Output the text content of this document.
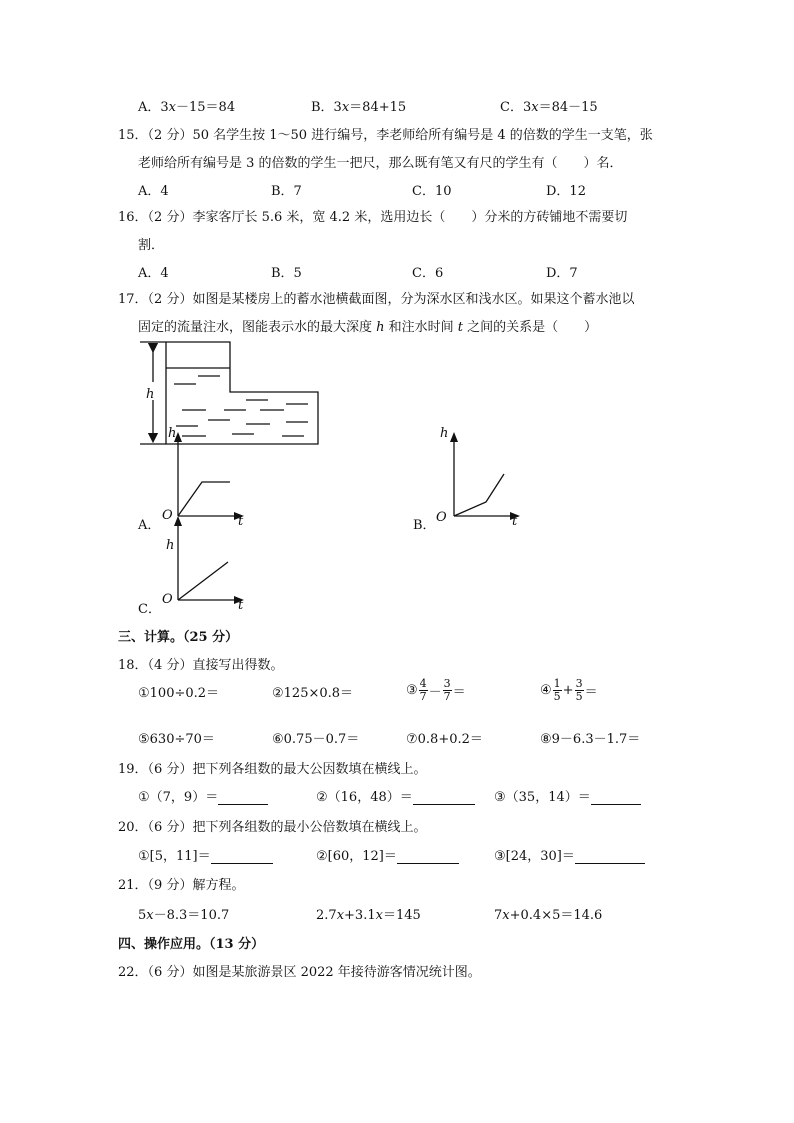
A．3x－15＝84	B．3x＝84+15	C．3x＝84－15
15．（2 分）50 名学生按 1～50 进行编号，李老师给所有编号是 4 的倍数的学生一支笔，张
老师给所有编号是 3 的倍数的学生一把尺，那么既有笔又有尺的学生有（　　）名．
A．4	B．7	C．10	D．12
16．（2 分）李家客厅长 5.6 米，宽 4.2 米，选用边长（　　）分米的方砖铺地不需要切
割．
A．4	B．5	C．6	D．7
17．（2 分）如图是某楼房上的蓄水池横截面图，分为深水区和浅水区。如果这个蓄水池以
固定的流量注水，图能表示水的最大深度 h 和注水时间 t 之间的关系是（　　）
h
A．
h
O	t	B．
h
O	t
C．
h
O	t
三、计算。（25 分）
18．（4 分）直接写出得数。
①100÷0.2＝	②125×0.8＝	③ $\frac{4}{7} - \frac{3}{7}$ ＝	④ $\frac{1}{5} + \frac{3}{5}$ ＝
⑤630÷70＝	⑥0.75－0.7＝	⑦0.8+0.2＝	⑧9－6.3－1.7＝
19．（6 分）把下列各组数的最大公因数填在横线上。
①（7，9）＝	②（16，48）＝	③（35，14）＝
20．（6 分）把下列各组数的最小公倍数填在横线上。
①[5，11]＝	②[60，12]＝	③[24，30]＝
21．（9 分）解方程。
5x－8.3＝10.7	2.7x+3.1x＝145	7x+0.4×5＝14.6
四、操作应用。（13 分）
22．（6 分）如图是某旅游景区 2022 年接待游客情况统计图。
